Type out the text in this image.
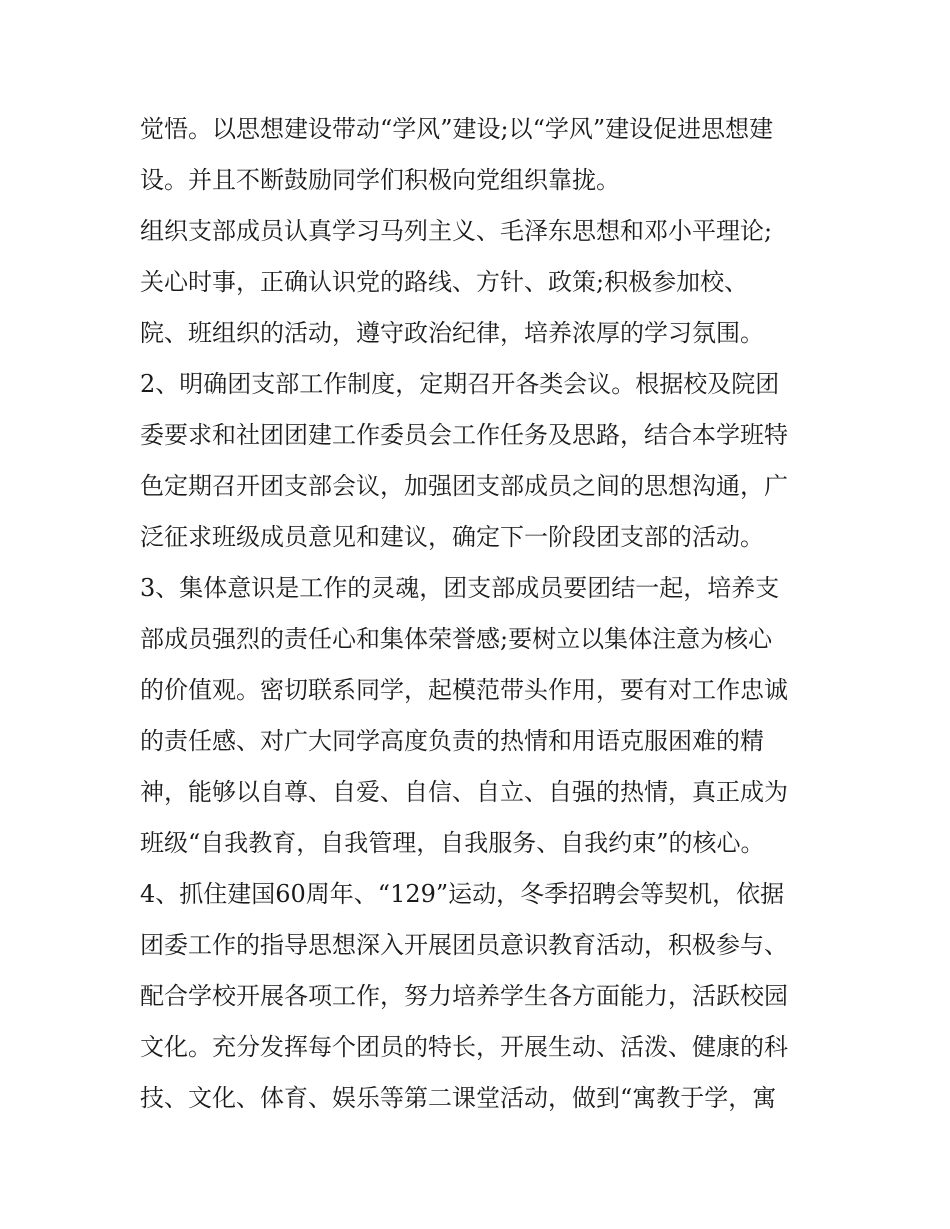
觉悟。以思想建设带动“学风”建设;以“学风”建设促进思想建
设。并且不断鼓励同学们积极向党组织靠拢。
组织支部成员认真学习马列主义、毛泽东思想和邓小平理论;
关心时事，正确认识党的路线、方针、政策;积极参加校、
院、班组织的活动，遵守政治纪律，培养浓厚的学习氛围。
2、明确团支部工作制度，定期召开各类会议。根据校及院团
委要求和社团团建工作委员会工作任务及思路，结合本学班特
色定期召开团支部会议，加强团支部成员之间的思想沟通，广
泛征求班级成员意见和建议，确定下一阶段团支部的活动。
3、集体意识是工作的灵魂，团支部成员要团结一起，培养支
部成员强烈的责任心和集体荣誉感;要树立以集体注意为核心
的价值观。密切联系同学，起模范带头作用，要有对工作忠诚
的责任感、对广大同学高度负责的热情和用语克服困难的精
神，能够以自尊、自爱、自信、自立、自强的热情，真正成为
班级“自我教育，自我管理，自我服务、自我约束”的核心。
4、抓住建国60周年、“129”运动，冬季招聘会等契机，依据
团委工作的指导思想深入开展团员意识教育活动，积极参与、
配合学校开展各项工作，努力培养学生各方面能力，活跃校园
文化。充分发挥每个团员的特长，开展生动、活泼、健康的科
技、文化、体育、娱乐等第二课堂活动，做到“寓教于学，寓
